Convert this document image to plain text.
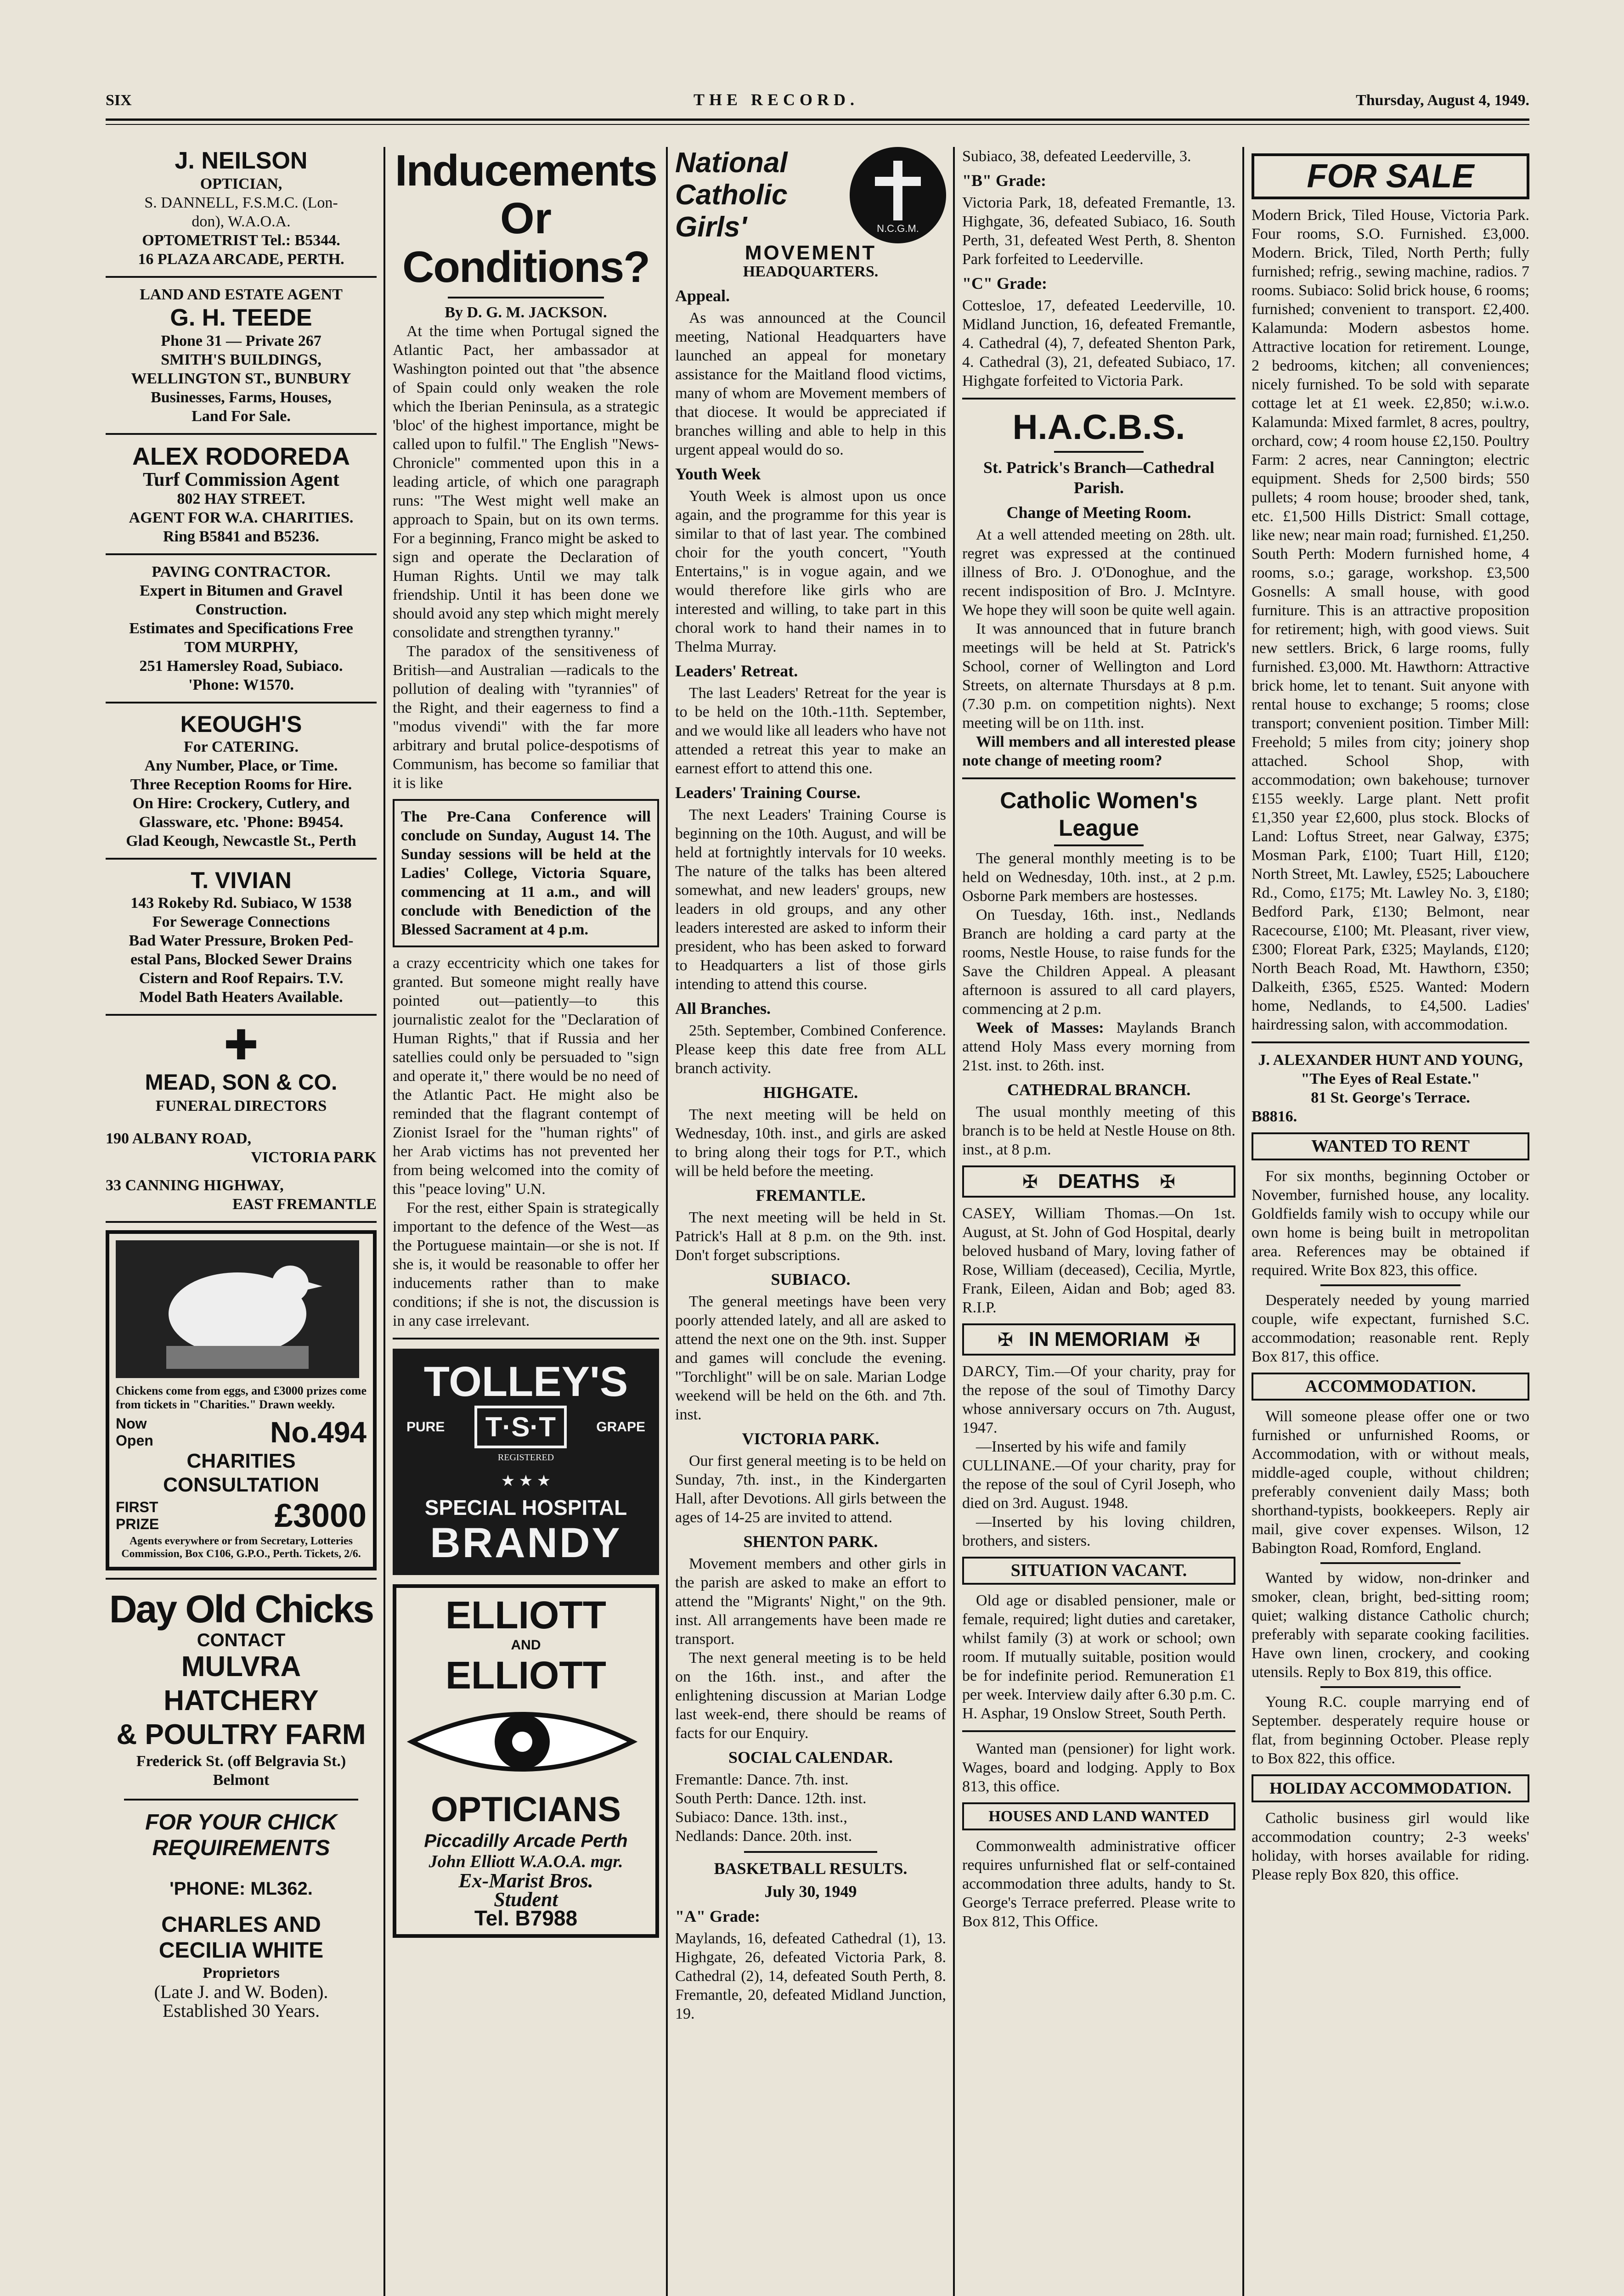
SIX	THE RECORD.	Thursday, August 4, 1949.
J. NEILSON
OPTICIAN,
S. DANNELL, F.S.M.C. (Lon-
don), W.A.O.A.
OPTOMETRIST Tel.: B5344.
16 PLAZA ARCADE, PERTH.
LAND AND ESTATE AGENT
G. H. TEEDE
Phone 31 — Private 267
SMITH'S BUILDINGS,
WELLINGTON ST., BUNBURY
Businesses, Farms, Houses,
Land For Sale.
ALEX RODOREDA
Turf Commission Agent
802 HAY STREET.
AGENT FOR W.A. CHARITIES.
Ring B5841 and B5236.
PAVING CONTRACTOR.
Expert in Bitumen and Gravel
Construction.
Estimates and Specifications Free
TOM MURPHY,
251 Hamersley Road, Subiaco.
'Phone: W1570.
KEOUGH'S
For CATERING.
Any Number, Place, or Time.
Three Reception Rooms for Hire.
On Hire: Crockery, Cutlery, and
Glassware, etc. 'Phone: B9454.
Glad Keough, Newcastle St., Perth
T. VIVIAN
143 Rokeby Rd. Subiaco, W 1538
For Sewerage Connections
Bad Water Pressure, Broken Ped-
estal Pans, Blocked Sewer Drains
Cistern and Roof Repairs. T.V.
Model Bath Heaters Available.
✚
MEAD, SON & CO.
FUNERAL DIRECTORS
190 ALBANY ROAD,
VICTORIA PARK
33 CANNING HIGHWAY,
EAST FREMANTLE
Chickens come from eggs, and £3000 prizes come from tickets in "Charities." Drawn weekly.
Now Open	No.494
CHARITIES CONSULTATION
FIRST PRIZE	£3000
Agents everywhere or from Secretary, Lotteries Commission, Box C106, G.P.O., Perth. Tickets, 2/6.
Day Old Chicks
CONTACT
MULVRA HATCHERY
& POULTRY FARM
Frederick St. (off Belgravia St.)
Belmont
FOR YOUR CHICK
REQUIREMENTS
'PHONE: ML362.
CHARLES AND
CECILIA WHITE
Proprietors
(Late J. and W. Boden).
Established 30 Years.
Inducements
Or
Conditions?

By D. G. M. JACKSON.

At the time when Portugal signed the Atlantic Pact, her ambassador at Washington pointed out that "the absence of Spain could only weaken the role which the Iberian Peninsula, as a strategic 'bloc' of the highest importance, might be called upon to fulfil." The English "News-Chronicle" commented upon this in a leading article, of which one paragraph runs: "The West might well make an approach to Spain, but on its own terms. For a beginning, Franco might be asked to sign and operate the Declaration of Human Rights. Until we may talk friendship. Until it has been done we should avoid any step which might merely consolidate and strengthen tyranny."

The paradox of the sensitiveness of British—and Australian —radicals to the pollution of dealing with "tyrannies" of the Right, and their eagerness to find a "modus vivendi" with the far more arbitrary and brutal police-despotisms of Communism, has become so familiar that it is like

The Pre-Cana Conference will conclude on Sunday, August 14. The Sunday sessions will be held at the Ladies' College, Victoria Square, commencing at 11 a.m., and will conclude with Benediction of the Blessed Sacrament at 4 p.m.

a crazy eccentricity which one takes for granted. But someone might really have pointed out—patiently—to this journalistic zealot for the "Declaration of Human Rights," that if Russia and her satellies could only be persuaded to "sign and operate it," there would be no need of the Atlantic Pact. He might also be reminded that the flagrant contempt of Zionist Israel for the "human rights" of her Arab victims has not prevented her from being welcomed into the comity of this "peace loving" U.N.

For the rest, either Spain is strategically important to the defence of the West—as the Portuguese maintain—or she is not. If she is, it would be reasonable to offer her inducements rather than to make conditions; if she is not, the discussion is in any case irrelevant.

TOLLEY'S
PURE	T·S·T	GRAPE
REGISTERED
★ ★ ★
SPECIAL HOSPITAL
BRANDY
ELLIOTT
AND
ELLIOTT
OPTICIANS
Piccadilly Arcade Perth
John Elliott W.A.O.A. mgr.
Ex-Marist Bros.
Student
Tel. B7988
National
Catholic
Girls'	N.C.G.M.
MOVEMENT
HEADQUARTERS.

Appeal.

As was announced at the Council meeting, National Headquarters have launched an appeal for monetary assistance for the Maitland flood victims, many of whom are Movement members of that diocese. It would be appreciated if branches willing and able to help in this urgent appeal would do so.

Youth Week

Youth Week is almost upon us once again, and the programme for this year is similar to that of last year. The combined choir for the youth concert, "Youth Entertains," is in vogue again, and we would therefore like girls who are interested and willing, to take part in this choral work to hand their names in to Thelma Murray.

Leaders' Retreat.

The last Leaders' Retreat for the year is to be held on the 10th.-11th. September, and we would like all leaders who have not attended a retreat this year to make an earnest effort to attend this one.

Leaders' Training Course.

The next Leaders' Training Course is beginning on the 10th. August, and will be held at fortnightly intervals for 10 weeks. The nature of the talks has been altered somewhat, and new leaders' groups, new leaders in old groups, and any other leaders interested are asked to inform their president, who has been asked to forward to Headquarters a list of those girls intending to attend this course.

All Branches.

25th. September, Combined Conference. Please keep this date free from ALL branch activity.

HIGHGATE.

The next meeting will be held on Wednesday, 10th. inst., and girls are asked to bring along their togs for P.T., which will be held before the meeting.

FREMANTLE.

The next meeting will be held in St. Patrick's Hall at 8 p.m. on the 9th. inst. Don't forget subscriptions.

SUBIACO.

The general meetings have been very poorly attended lately, and all are asked to attend the next one on the 9th. inst. Supper and games will conclude the evening. "Torchlight" will be on sale. Marian Lodge weekend will be held on the 6th. and 7th. inst.

VICTORIA PARK.

Our first general meeting is to be held on Sunday, 7th. inst., in the Kindergarten Hall, after Devotions. All girls between the ages of 14-25 are invited to attend.

SHENTON PARK.

Movement members and other girls in the parish are asked to make an effort to attend the "Migrants' Night," on the 9th. inst. All arrangements have been made re transport.

The next general meeting is to be held on the 16th. inst., and after the enlightening discussion at Marian Lodge last week-end, there should be reams of facts for our Enquiry.

SOCIAL CALENDAR.

Fremantle: Dance. 7th. inst.

South Perth: Dance. 12th. inst.

Subiaco: Dance. 13th. inst.,

Nedlands: Dance. 20th. inst.

BASKETBALL RESULTS.

July 30, 1949

"A" Grade:

Maylands, 16, defeated Cathedral (1), 13. Highgate, 26, defeated Victoria Park, 8. Cathedral (2), 14, defeated South Perth, 8. Fremantle, 20, defeated Midland Junction, 19.

Subiaco, 38, defeated Leederville, 3.

"B" Grade:

Victoria Park, 18, defeated Fremantle, 13. Highgate, 36, defeated Subiaco, 16. South Perth, 31, defeated West Perth, 8. Shenton Park forfeited to Leederville.

"C" Grade:

Cottesloe, 17, defeated Leederville, 10. Midland Junction, 16, defeated Fremantle, 4. Cathedral (4), 7, defeated Shenton Park, 4. Cathedral (3), 21, defeated Subiaco, 17. Highgate forfeited to Victoria Park.

H.A.C.B.S.

St. Patrick's Branch—Cathedral Parish.

Change of Meeting Room.

At a well attended meeting on 28th. ult. regret was expressed at the continued illness of Bro. J. O'Donoghue, and the recent indisposition of Bro. J. McIntyre. We hope they will soon be quite well again.

It was announced that in future branch meetings will be held at St. Patrick's School, corner of Wellington and Lord Streets, on alternate Thursdays at 8 p.m. (7.30 p.m. on competition nights). Next meeting will be on 11th. inst.

Will members and all interested please note change of meeting room?

Catholic Women's League

The general monthly meeting is to be held on Wednesday, 10th. inst., at 2 p.m. Osborne Park members are hostesses.

On Tuesday, 16th. inst., Nedlands Branch are holding a card party at the rooms, Nestle House, to raise funds for the Save the Children Appeal. A pleasant afternoon is assured to all card players, commencing at 2 p.m.

Week of Masses: Maylands Branch attend Holy Mass every morning from 21st. inst. to 26th. inst.

CATHEDRAL BRANCH.

The usual monthly meeting of this branch is to be held at Nestle House on 8th. inst., at 8 p.m.

✠ DEATHS ✠

CASEY, William Thomas.—On 1st. August, at St. John of God Hospital, dearly beloved husband of Mary, loving father of Rose, William (deceased), Cecilia, Myrtle, Frank, Eileen, Aidan and Bob; aged 83. R.I.P.

✠ IN MEMORIAM ✠

DARCY, Tim.—Of your charity, pray for the repose of the soul of Timothy Darcy whose anniversary occurs on 7th. August, 1947.

—Inserted by his wife and family

CULLINANE.—Of your charity, pray for the repose of the soul of Cyril Joseph, who died on 3rd. August. 1948.

—Inserted by his loving children, brothers, and sisters.

SITUATION VACANT.

Old age or disabled pensioner, male or female, required; light duties and caretaker, whilst family (3) at work or school; own room. If mutually suitable, position would be for indefinite period. Remuneration £1 per week. Interview daily after 6.30 p.m. C. H. Asphar, 19 Onslow Street, South Perth.

Wanted man (pensioner) for light work. Wages, board and lodging. Apply to Box 813, this office.

HOUSES AND LAND WANTED

Commonwealth administrative officer requires unfurnished flat or self-contained accommodation three adults, handy to St. George's Terrace preferred. Please write to Box 812, This Office.

FOR SALE

Modern Brick, Tiled House, Victoria Park. Four rooms, S.O. Furnished. £3,000. Modern. Brick, Tiled, North Perth; fully furnished; refrig., sewing machine, radios. 7 rooms. Subiaco: Solid brick house, 6 rooms; furnished; convenient to transport. £2,400. Kalamunda: Modern asbestos home. Attractive location for retirement. Lounge, 2 bedrooms, kitchen; all conveniences; nicely furnished. To be sold with separate cottage let at £1 week. £2,850; w.i.w.o. Kalamunda: Mixed farmlet, 8 acres, poultry, orchard, cow; 4 room house £2,150. Poultry Farm: 2 acres, near Cannington; electric equipment. Sheds for 2,500 birds; 550 pullets; 4 room house; brooder shed, tank, etc. £1,500 Hills District: Small cottage, like new; near main road; furnished. £1,250. South Perth: Modern furnished home, 4 rooms, s.o.; garage, workshop. £3,500 Gosnells: A small house, with good furniture. This is an attractive proposition for retirement; high, with good views. Suit new settlers. Brick, 6 large rooms, fully furnished. £3,000. Mt. Hawthorn: Attractive brick home, let to tenant. Suit anyone with rental house to exchange; 5 rooms; close transport; convenient position. Timber Mill: Freehold; 5 miles from city; joinery shop attached. School Shop, with accommodation; own bakehouse; turnover £155 weekly. Large plant. Nett profit £1,350 year £2,600, plus stock. Blocks of Land: Loftus Street, near Galway, £375; Mosman Park, £100; Tuart Hill, £120; North Street, Mt. Lawley, £525; Labouchere Rd., Como, £175; Mt. Lawley No. 3, £180; Bedford Park, £130; Belmont, near Racecourse, £100; Mt. Pleasant, river view, £300; Floreat Park, £325; Maylands, £120; North Beach Road, Mt. Hawthorn, £350; Dalkeith, £365, £525. Wanted: Modern home, Nedlands, to £4,500. Ladies' hairdressing salon, with accommodation.

J. ALEXANDER HUNT AND YOUNG,

"The Eyes of Real Estate."

81 St. George's Terrace.

B8816.

WANTED TO RENT

For six months, beginning October or November, furnished house, any locality. Goldfields family wish to occupy while our own home is being built in metropolitan area. References may be obtained if required. Write Box 823, this office.

Desperately needed by young married couple, wife expectant, furnished S.C. accommodation; reasonable rent. Reply Box 817, this office.

ACCOMMODATION.

Will someone please offer one or two furnished or unfurnished Rooms, or Accommodation, with or without meals, middle-aged couple, without children; preferably convenient daily Mass; both shorthand-typists, bookkeepers. Reply air mail, give cover expenses. Wilson, 12 Babington Road, Romford, England.

Wanted by widow, non-drinker and smoker, clean, bright, bed-sitting room; quiet; walking distance Catholic church; preferably with separate cooking facilities. Have own linen, crockery, and cooking utensils. Reply to Box 819, this office.

Young R.C. couple marrying end of September. desperately require house or flat, from beginning October. Please reply to Box 822, this office.

HOLIDAY ACCOMMODATION.

Catholic business girl would like accommodation country; 2-3 weeks' holiday, with horses available for riding. Please reply Box 820, this office.
